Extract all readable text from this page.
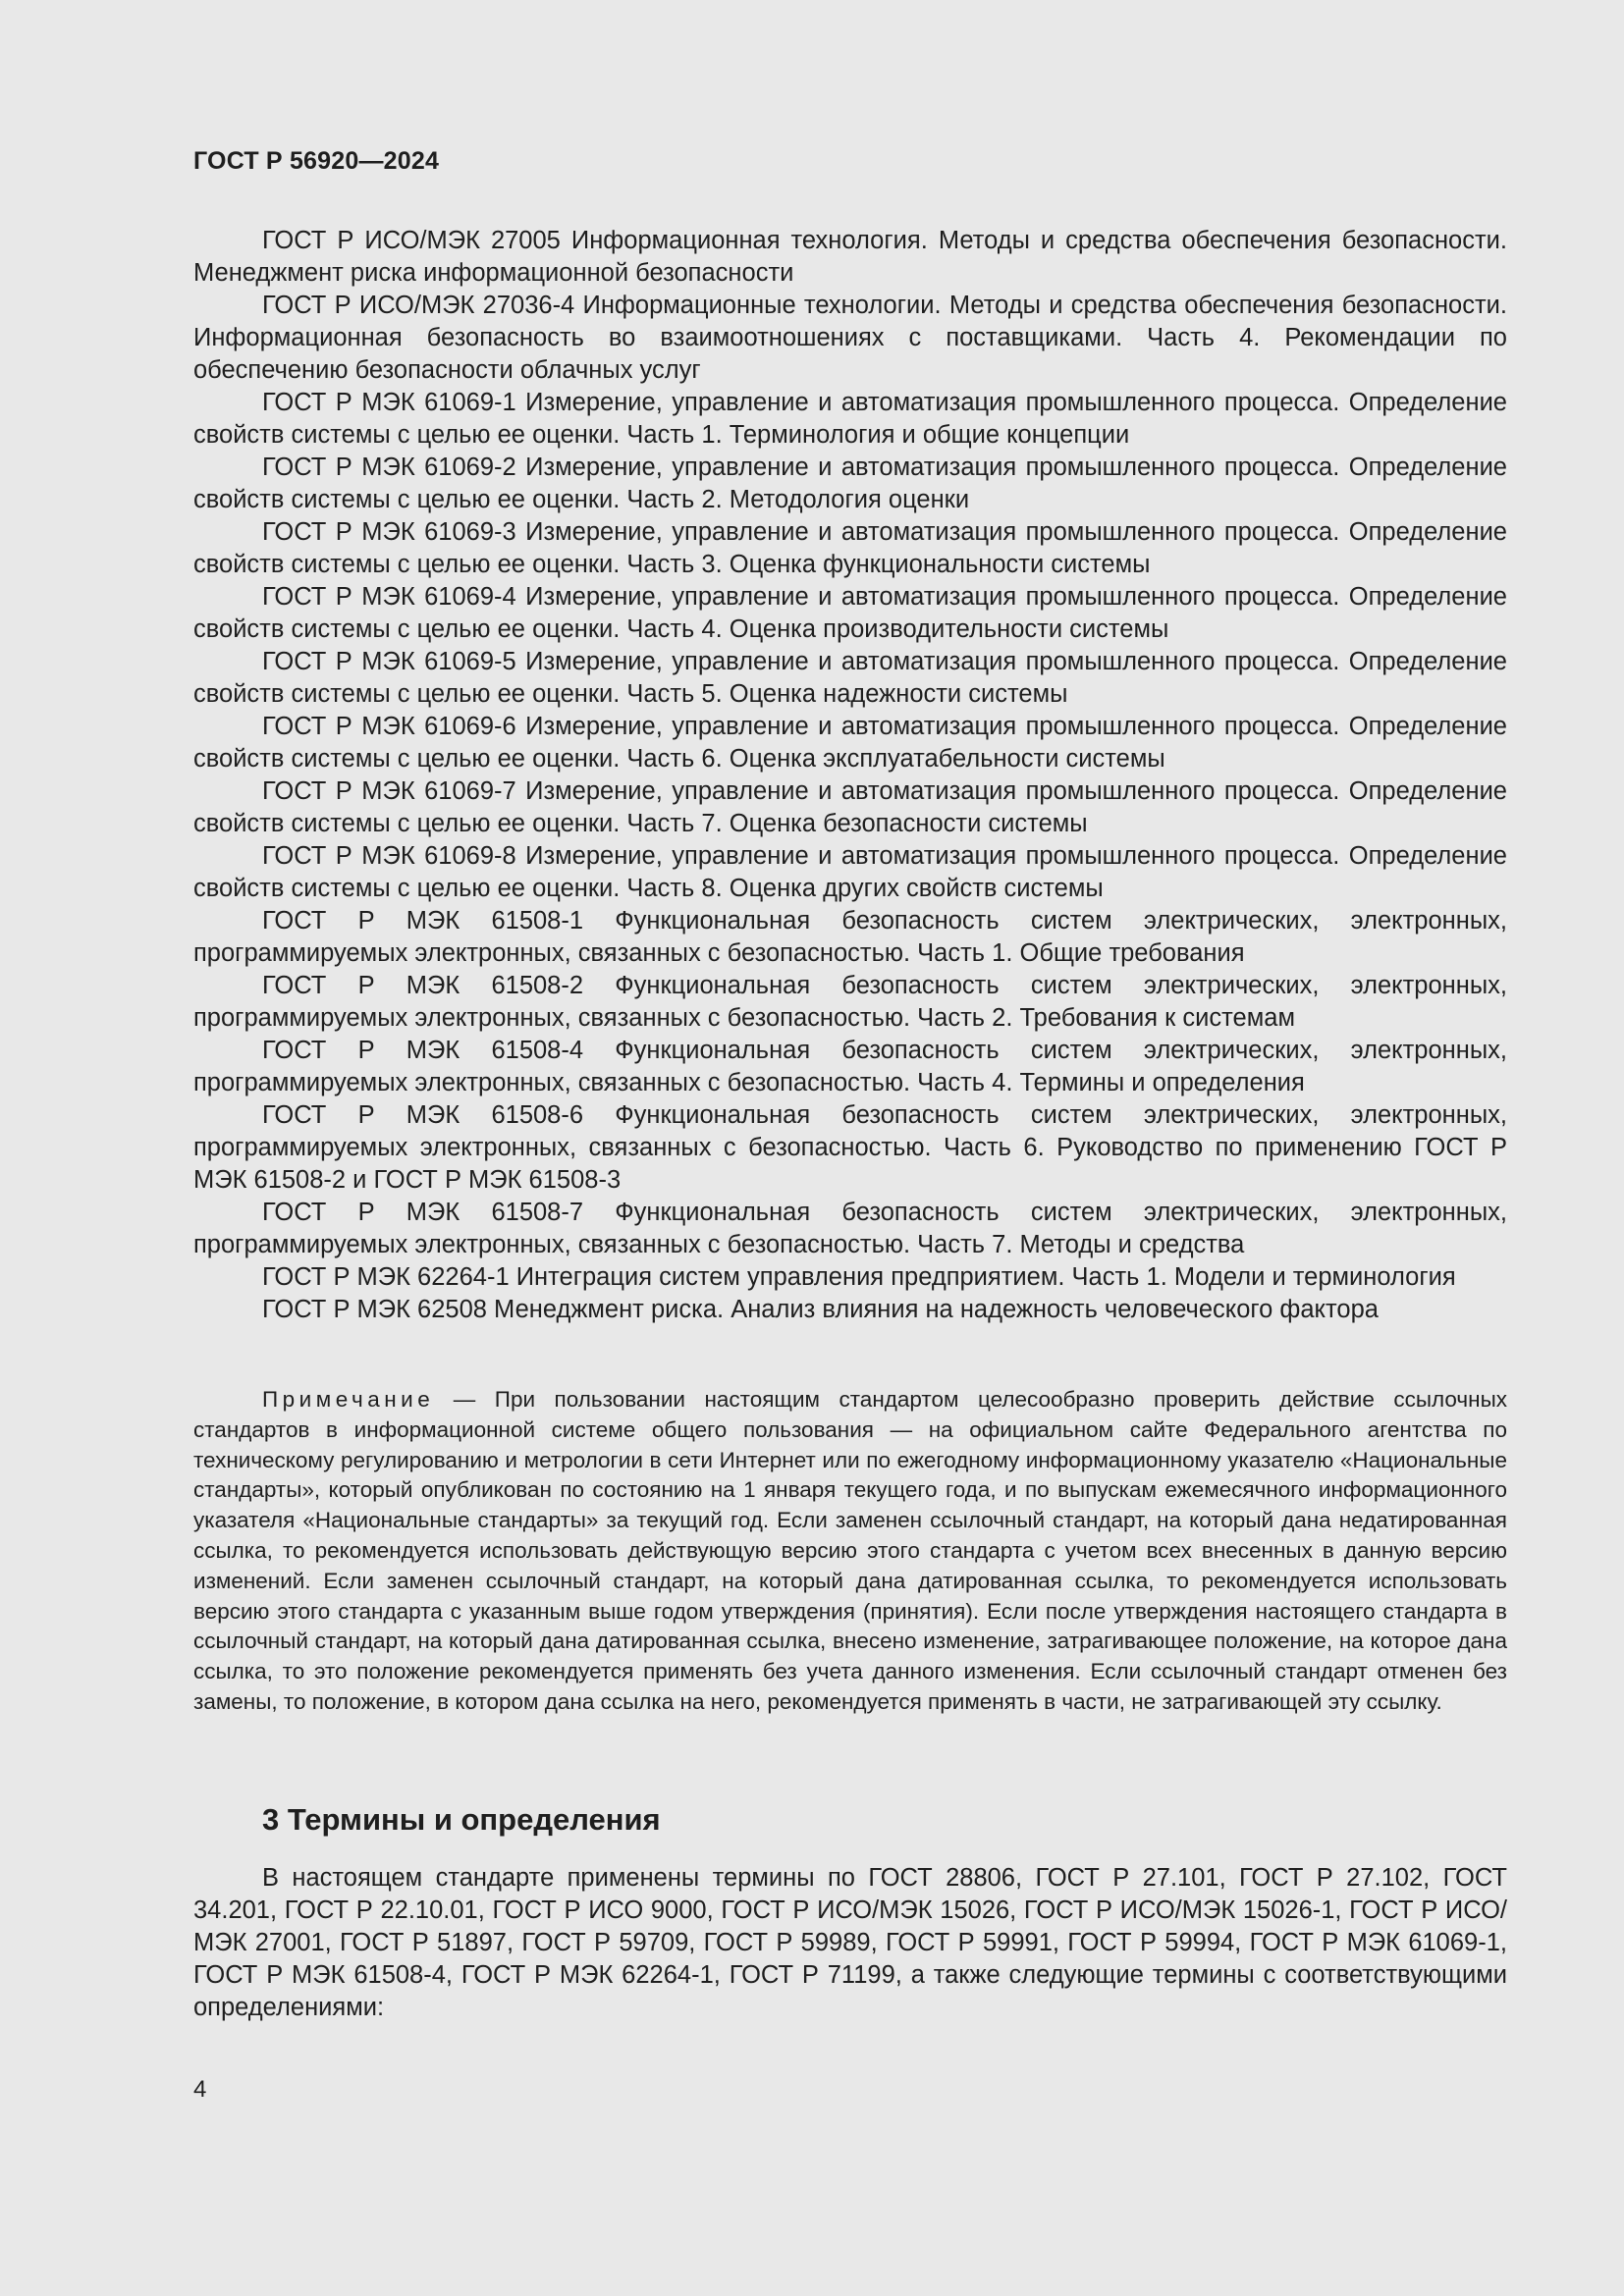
ГОСТ Р 56920—2024
ГОСТ Р ИСО/МЭК 27005 Информационная технология. Методы и средства обеспечения безопасности. Менеджмент риска информационной безопасности
ГОСТ Р ИСО/МЭК 27036-4 Информационные технологии. Методы и средства обеспечения безопасности. Информационная безопасность во взаимоотношениях с поставщиками. Часть 4. Рекомендации по обеспечению безопасности облачных услуг
ГОСТ Р МЭК 61069-1 Измерение, управление и автоматизация промышленного процесса. Определение свойств системы с целью ее оценки. Часть 1. Терминология и общие концепции
ГОСТ Р МЭК 61069-2 Измерение, управление и автоматизация промышленного процесса. Определение свойств системы с целью ее оценки. Часть 2. Методология оценки
ГОСТ Р МЭК 61069-3 Измерение, управление и автоматизация промышленного процесса. Определение свойств системы с целью ее оценки. Часть 3. Оценка функциональности системы
ГОСТ Р МЭК 61069-4 Измерение, управление и автоматизация промышленного процесса. Определение свойств системы с целью ее оценки. Часть 4. Оценка производительности системы
ГОСТ Р МЭК 61069-5 Измерение, управление и автоматизация промышленного процесса. Определение свойств системы с целью ее оценки. Часть 5. Оценка надежности системы
ГОСТ Р МЭК 61069-6 Измерение, управление и автоматизация промышленного процесса. Определение свойств системы с целью ее оценки. Часть 6. Оценка эксплуатабельности системы
ГОСТ Р МЭК 61069-7 Измерение, управление и автоматизация промышленного процесса. Определение свойств системы с целью ее оценки. Часть 7. Оценка безопасности системы
ГОСТ Р МЭК 61069-8 Измерение, управление и автоматизация промышленного процесса. Определение свойств системы с целью ее оценки. Часть 8. Оценка других свойств системы
ГОСТ Р МЭК 61508-1 Функциональная безопасность систем электрических, электронных, программируемых электронных, связанных с безопасностью. Часть 1. Общие требования
ГОСТ Р МЭК 61508-2 Функциональная безопасность систем электрических, электронных, программируемых электронных, связанных с безопасностью. Часть 2. Требования к системам
ГОСТ Р МЭК 61508-4 Функциональная безопасность систем электрических, электронных, программируемых электронных, связанных с безопасностью. Часть 4. Термины и определения
ГОСТ Р МЭК 61508-6 Функциональная безопасность систем электрических, электронных, программируемых электронных, связанных с безопасностью. Часть 6. Руководство по применению ГОСТ Р МЭК 61508-2 и ГОСТ Р МЭК 61508-3
ГОСТ Р МЭК 61508-7 Функциональная безопасность систем электрических, электронных, программируемых электронных, связанных с безопасностью. Часть 7. Методы и средства
ГОСТ Р МЭК 62264-1 Интеграция систем управления предприятием. Часть 1. Модели и терминология
ГОСТ Р МЭК 62508 Менеджмент риска. Анализ влияния на надежность человеческого фактора

Примечание — При пользовании настоящим стандартом целесообразно проверить действие ссылочных стандартов в информационной системе общего пользования — на официальном сайте Федерального агентства по техническому регулированию и метрологии в сети Интернет или по ежегодному информационному указателю «Национальные стандарты», который опубликован по состоянию на 1 января текущего года, и по выпускам ежемесячного информационного указателя «Национальные стандарты» за текущий год. Если заменен ссылочный стандарт, на который дана недатированная ссылка, то рекомендуется использовать действующую версию этого стандарта с учетом всех внесенных в данную версию изменений. Если заменен ссылочный стандарт, на который дана датированная ссылка, то рекомендуется использовать версию этого стандарта с указанным выше годом утверждения (принятия). Если после утверждения настоящего стандарта в ссылочный стандарт, на который дана датированная ссылка, внесено изменение, затрагивающее положение, на которое дана ссылка, то это положение рекомендуется применять без учета данного изменения. Если ссылочный стандарт отменен без замены, то положение, в котором дана ссылка на него, рекомендуется применять в части, не затрагивающей эту ссылку.

3 Термины и определения

В настоящем стандарте применены термины по ГОСТ 28806, ГОСТ Р 27.101, ГОСТ Р 27.102, ГОСТ 34.201, ГОСТ Р 22.10.01, ГОСТ Р ИСО 9000, ГОСТ Р ИСО/МЭК 15026, ГОСТ Р ИСО/МЭК 15026-1, ГОСТ Р ИСО/МЭК 27001, ГОСТ Р 51897, ГОСТ Р 59709, ГОСТ Р 59989, ГОСТ Р 59991, ГОСТ Р 59994, ГОСТ Р МЭК 61069-1, ГОСТ Р МЭК 61508-4, ГОСТ Р МЭК 62264-1, ГОСТ Р 71199, а также следующие термины с соответствующими определениями:

4
